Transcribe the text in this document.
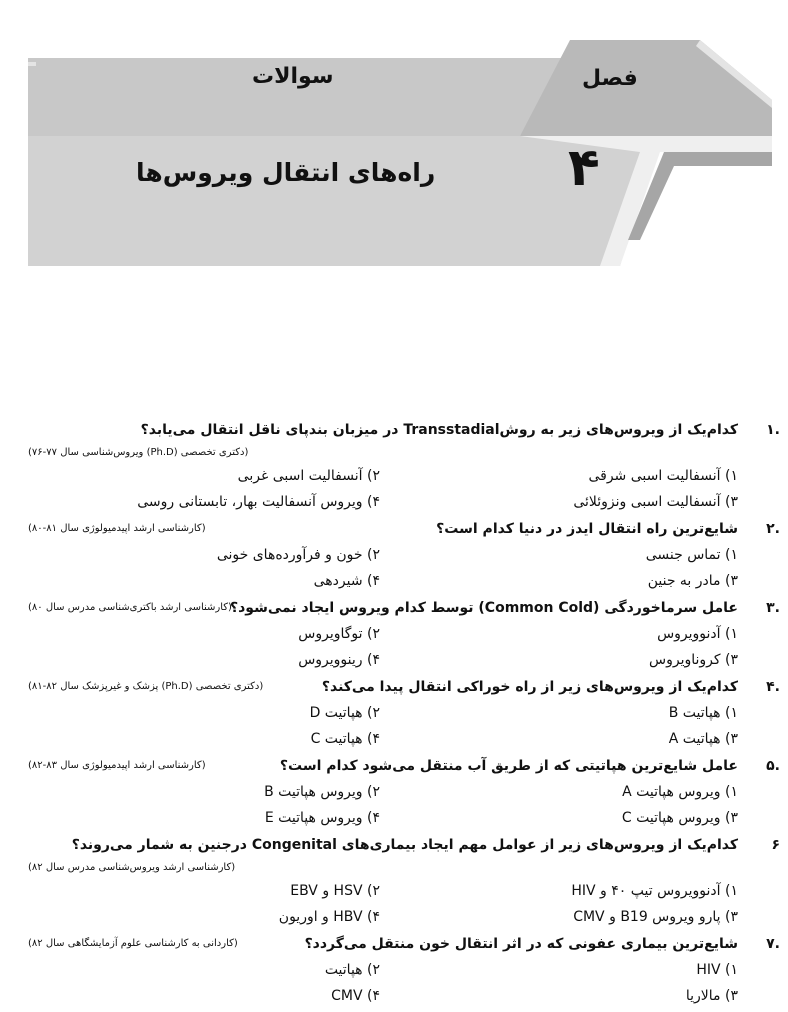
فصل
۴
سوالات
راه‌های انتقال ویروس‌ها
.۱
کدام‌یک از ویروس‌های زیر به روش‌Transstadial در میزبان بندپای ناقل انتقال می‌یابد؟
(دکتری تخصصی (Ph.D) ویروس‌شناسی سال ۷۷-۷۶)
۱) آنسفالیت اسبی شرقی
۲) آنسفالیت اسبی غربی
۳) آنسفالیت اسبی ونزوئلائی
۴) ویروس آنسفالیت بهار، تابستانی روسی
.۲
شایع‌ترین راه انتقال ایدز در دنیا کدام است؟
(کارشناسی ارشد اپیدمیولوژی سال ۸۱-۸۰)
۱) تماس جنسی
۲) خون و فرآورده‌های خونی
۳) مادر به جنین
۴) شیردهی
.۳
عامل سرماخوردگی (Common Cold) توسط کدام ویروس ایجاد نمی‌شود؟
(کارشناسی ارشد باکتری‌شناسی مدرس سال ۸۰)
۱) آدنوویروس
۲) توگاویروس
۳) کروناویروس
۴) رینوویروس
.۴
کدام‌یک از ویروس‌های زیر از راه خوراکی انتقال پیدا می‌کند؟
(دکتری تخصصی (Ph.D) پزشک و غیرپزشک سال ۸۲-۸۱)
۱) هپاتیت B
۲) هپاتیت D
۳) هپاتیت A
۴) هپاتیت C
.۵
عامل شایع‌ترین هپاتیتی که از طریق آب منتقل می‌شود کدام است؟
(کارشناسی ارشد اپیدمیولوژی سال ۸۳-۸۲)
۱) ویروس هپاتیت A
۲) ویروس هپاتیت B
۳) ویروس هپاتیت C
۴) ویروس هپاتیت E
۶
کدام‌یک از ویروس‌های زیر از عوامل مهم ایجاد بیماری‌های Congenital درجنین به شمار می‌روند؟
(کارشناسی ارشد ویروس‌شناسی مدرس سال ۸۲)
۱) آدنوویروس تیپ ۴۰ و HIV
۲) HSV و EBV
۳) پارو ویروس B19 و CMV
۴) HBV و اوریون
.۷
شایع‌ترین بیماری عفونی که در اثر انتقال خون منتقل می‌گردد؟
(کاردانی به کارشناسی علوم آزمایشگاهی سال ۸۲)
۱) HIV
۲) هپاتیت
۳) مالاریا
۴) CMV
